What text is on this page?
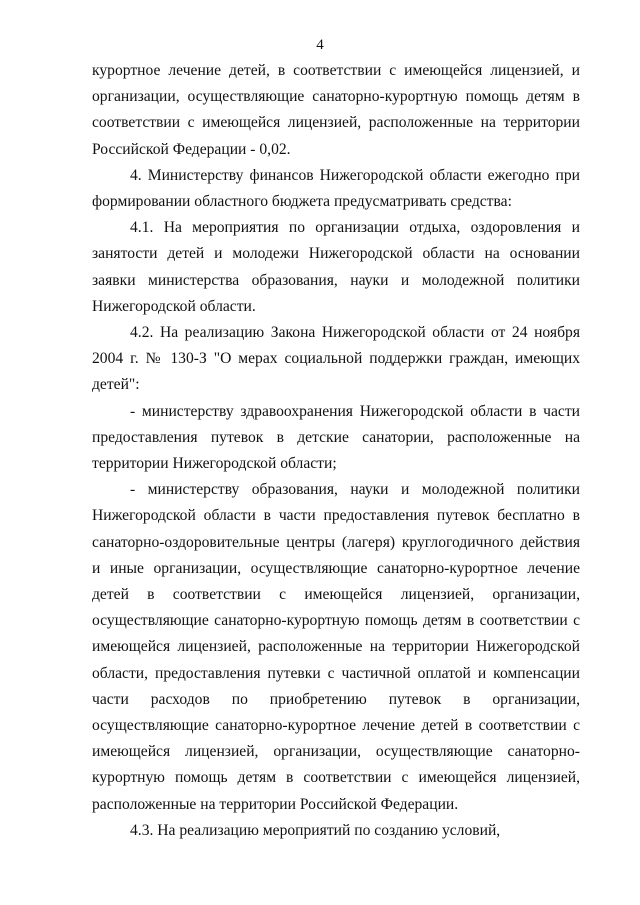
4

курортное лечение детей, в соответствии с имеющейся лицензией, и организации, осуществляющие санаторно-курортную помощь детям в соответствии с имеющейся лицензией, расположенные на территории Российской Федерации - 0,02.

4. Министерству финансов Нижегородской области ежегодно при формировании областного бюджета предусматривать средства:

4.1. На мероприятия по организации отдыха, оздоровления и занятости детей и молодежи Нижегородской области на основании заявки министерства образования, науки и молодежной политики Нижегородской области.

4.2. На реализацию Закона Нижегородской области от 24 ноября 2004 г. № 130-З "О мерах социальной поддержки граждан, имеющих детей":

- министерству здравоохранения Нижегородской области в части предоставления путевок в детские санатории, расположенные на территории Нижегородской области;

- министерству образования, науки и молодежной политики Нижегородской области в части предоставления путевок бесплатно в санаторно-оздоровительные центры (лагеря) круглогодичного действия и иные организации, осуществляющие санаторно-курортное лечение детей в соответствии с имеющейся лицензией, организации, осуществляющие санаторно-курортную помощь детям в соответствии с имеющейся лицензией, расположенные на территории Нижегородской области, предоставления путевки с частичной оплатой и компенсации части расходов по приобретению путевок в организации, осуществляющие санаторно-курортное лечение детей в соответствии с имеющейся лицензией, организации, осуществляющие санаторно-курортную помощь детям в соответствии с имеющейся лицензией, расположенные на территории Российской Федерации.

4.3. На реализацию мероприятий по созданию условий,
